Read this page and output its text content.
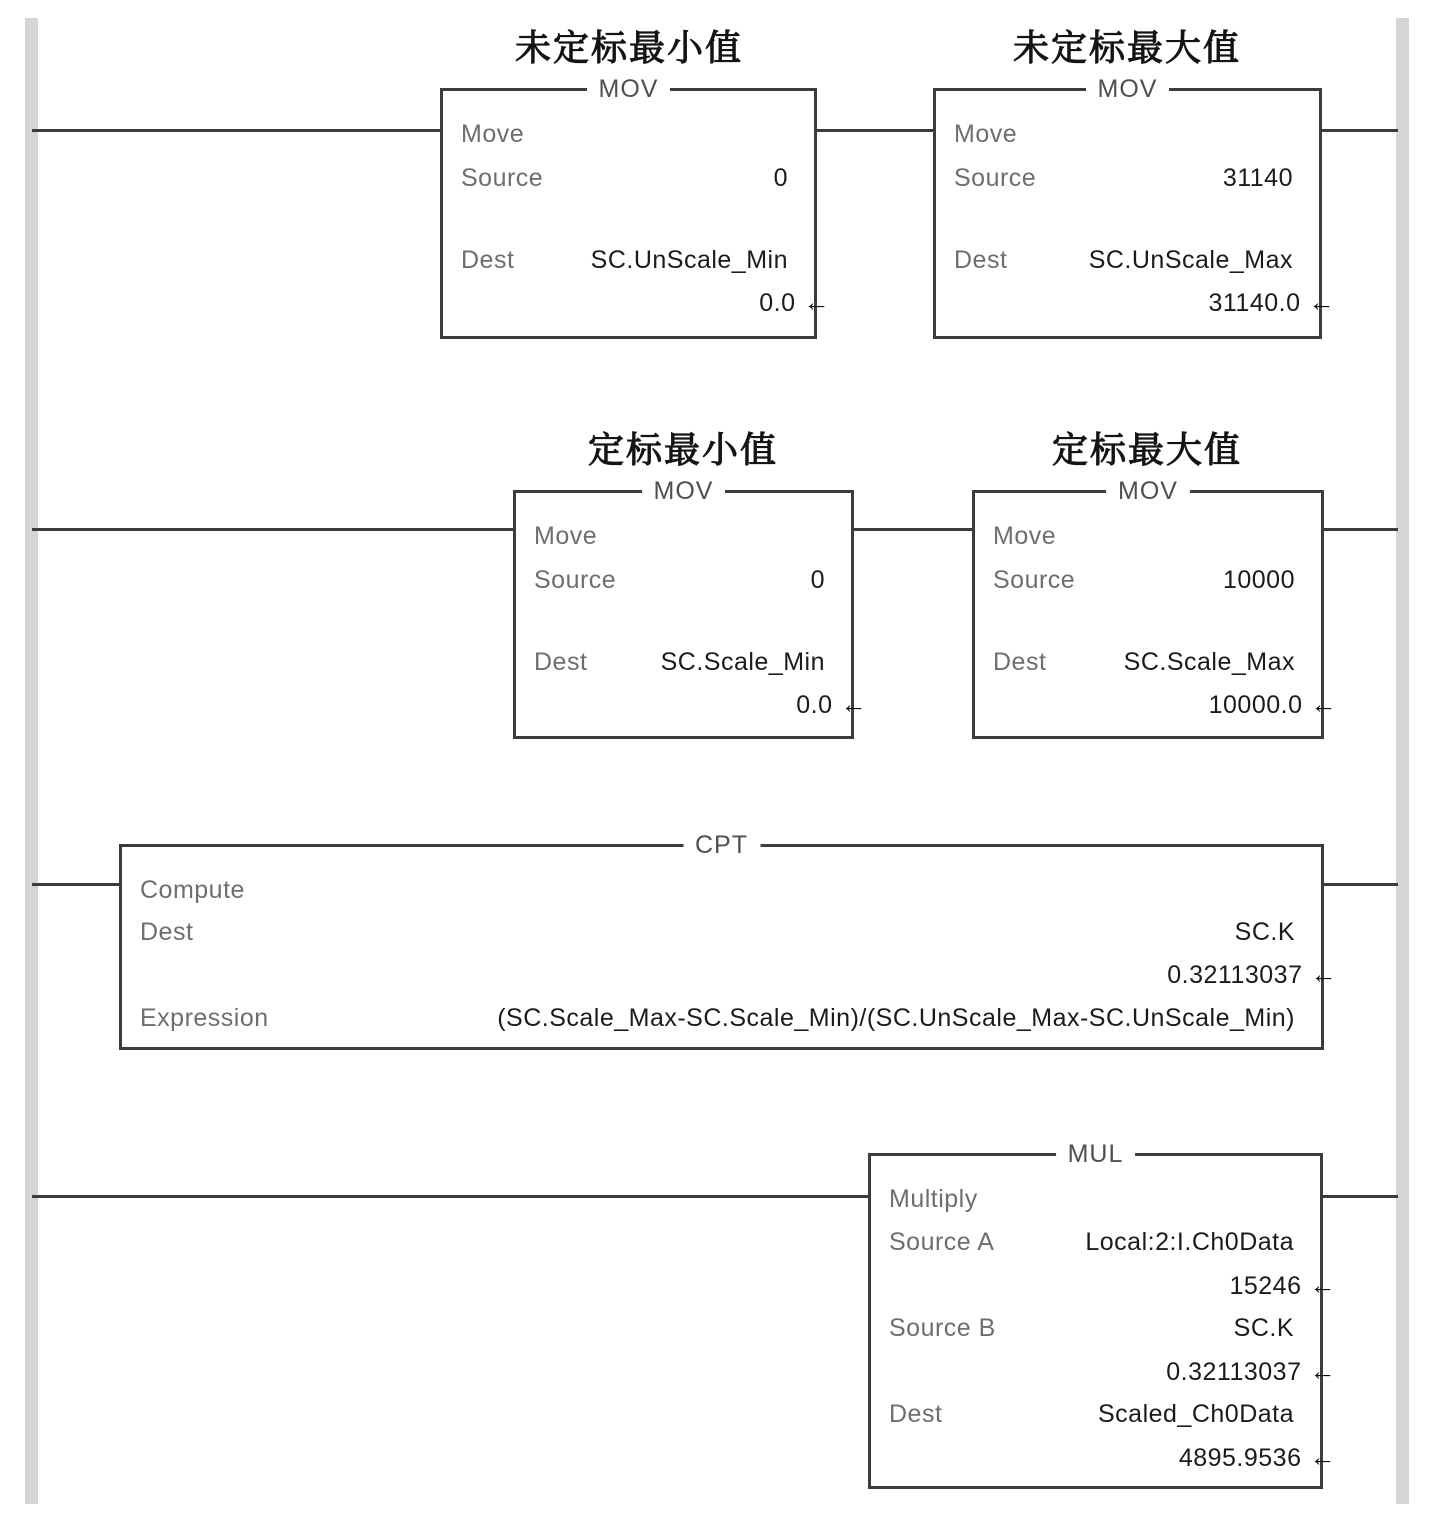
未定标最小值	未定标最大值
定标最小值	定标最大值
MOV
Move
Source	0
Dest	SC.UnScale_Min
0.0 ←
MOV
Move
Source	31140
Dest	SC.UnScale_Max
31140.0 ←
MOV
Move
Source	0
Dest	SC.Scale_Min
0.0 ←
MOV
Move
Source	10000
Dest	SC.Scale_Max
10000.0 ←
CPT
Compute
Dest	SC.K
0.32113037 ←
Expression	(SC.Scale_Max-SC.Scale_Min)/(SC.UnScale_Max-SC.UnScale_Min)
MUL
Multiply
Source A	Local:2:I.Ch0Data
15246 ←
Source B	SC.K
0.32113037 ←
Dest	Scaled_Ch0Data
4895.9536 ←
